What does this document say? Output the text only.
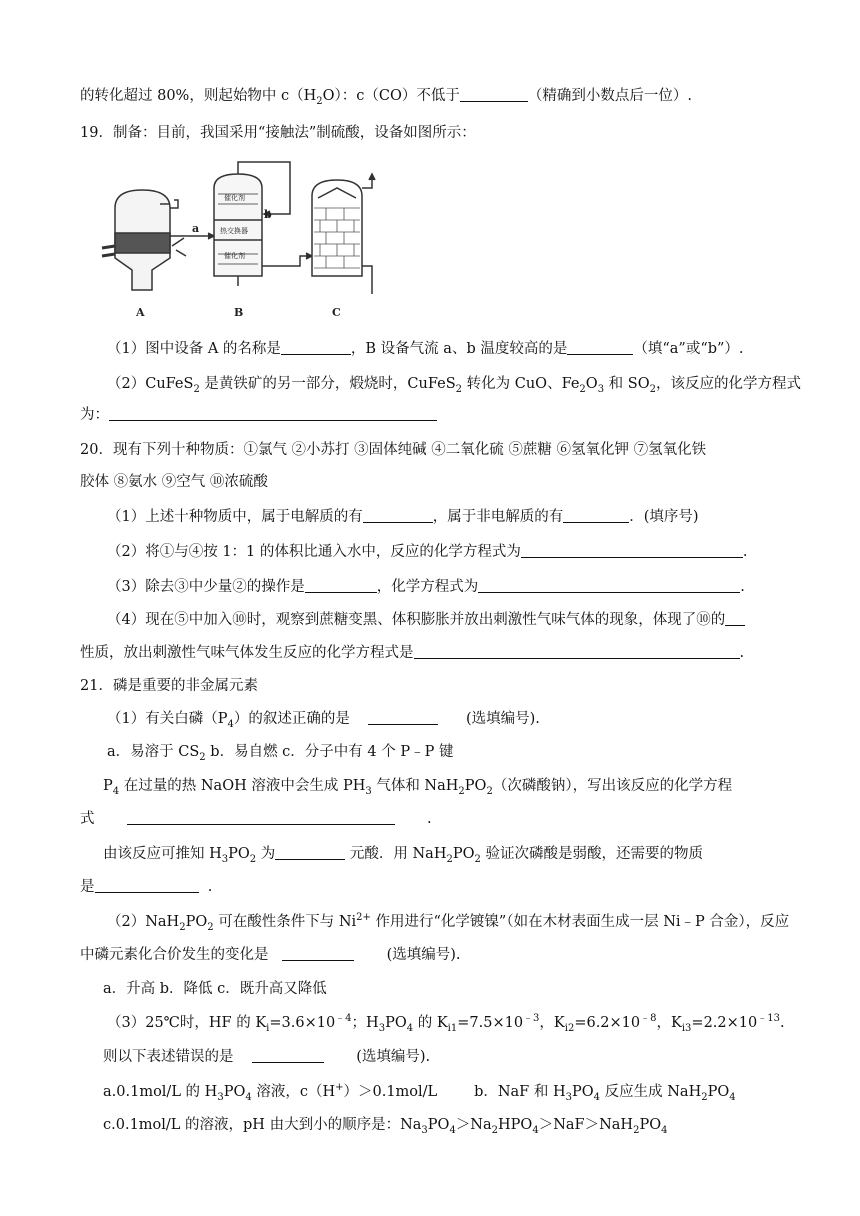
的转化超过 80%，则起始物中 $c(H_2O)$：c（CO）不低于	（精确到小数点后一位）.
19．制备：目前，我国采用“接触法”制硫酸，设备如图所示：
催化剂
热交换器
催化剂
a
b
A	B	C
（1）图中设备 A 的名称是	，B 设备气流 a、b 温度较高的是	（填“a”或“b”）.
（2）CuFeS$_2$ 是黄铁矿的另一部分，煅烧时，CuFeS$_2$ 转化为 CuO、$Fe_2O_3$ 和 $SO_2$，该反应的化学方程式
为：
20．现有下列十种物质：①氯气 ②小苏打 ③固体纯碱 ④二氧化硫 ⑤蔗糖 ⑥氢氧化钾 ⑦氢氧化铁
胶体 ⑧氨水 ⑨空气 ⑩浓硫酸
（1）上述十种物质中，属于电解质的有	，属于非电解质的有	．(填序号)
（2）将①与④按 1：1 的体积比通入水中，反应的化学方程式为	.
（3）除去③中少量②的操作是	，化学方程式为	.
（4）现在⑤中加入⑩时，观察到蔗糖变黑、体积膨胀并放出刺激性气味气体的现象，体现了⑩的
性质，放出刺激性气味气体发生反应的化学方程式是	.
21．磷是重要的非金属元素
（1）有关白磷$(P_4)$的叙述正确的是	(选填编号).
a．易溶于 $CS_2$ b．易自燃 c．分子中有 4 个 P﹣P 键
$P_4$ 在过量的热 NaOH 溶液中会生成 $PH_3$ 气体和 $NaH_2PO_2$（次磷酸钠），写出该反应的化学方程
式	.
由该反应可推知 $H_3PO_2$ 为	元酸．用 $NaH_2PO_2$ 验证次磷酸是弱酸，还需要的物质
是	.
$(2)NaH_2PO_2$ 可在酸性条件下与 $Ni^{2+}$ 作用进行“化学镀镍”（如在木材表面生成一层 Ni﹣P 合金），反应
中磷元素化合价发生的变化是	(选填编号).
a．升高 b．降低 c．既升高又降低
（3）25℃时，HF 的 $K_i=3.6\times 10^{﹣4}$；$H_3PO_4$ 的 $K_{i1}=7.5\times 10^{﹣3}$，$K_{i2}=6.2\times 10^{﹣8}$，$K_{i3}=2.2\times 10^{﹣13}$.
则以下表述错误的是	(选填编号).
a.0.1mol/L 的 $H_3PO_4$ 溶液，c（H+）＞0.1mol/L	b．NaF 和 $H_3PO_4$ 反应生成 $NaH_2PO_4$
c.0.1mol/L 的溶液，pH 由大到小的顺序是：$Na_3PO_4>Na_2HPO_4>NaF>NaH_2PO_4$
